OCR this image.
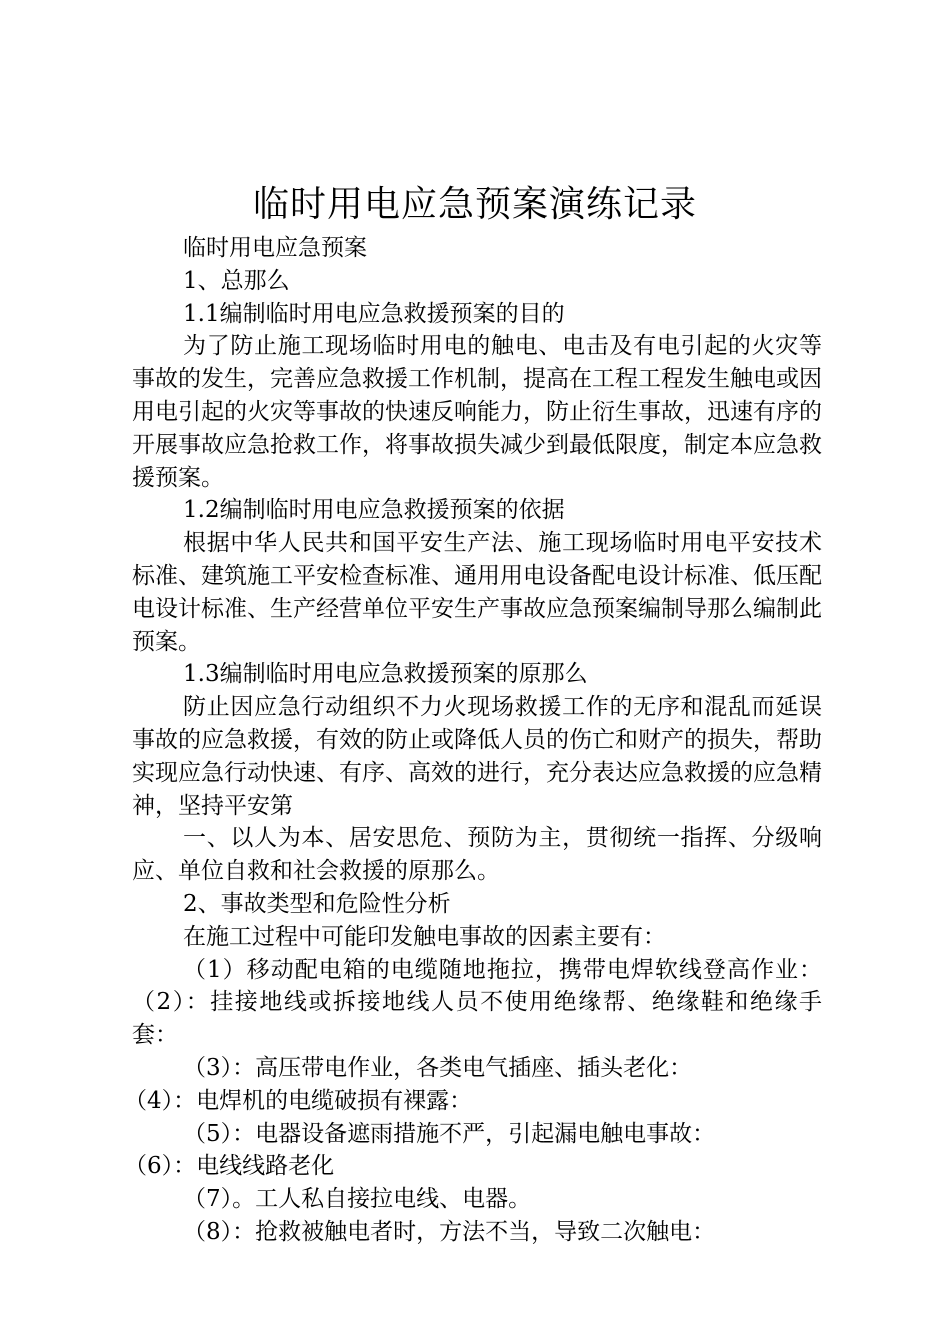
临时用电应急预案演练记录

临时用电应急预案

1、总那么

1.1编制临时用电应急救援预案的目的

为了防止施工现场临时用电的触电、电击及有电引起的火灾等事故的发生，完善应急救援工作机制，提高在工程工程发生触电或因用电引起的火灾等事故的快速反响能力，防止衍生事故，迅速有序的开展事故应急抢救工作，将事故损失减少到最低限度，制定本应急救援预案。

1.2编制临时用电应急救援预案的依据

根据中华人民共和国平安生产法、施工现场临时用电平安技术标准、建筑施工平安检查标准、通用用电设备配电设计标准、低压配电设计标准、生产经营单位平安生产事故应急预案编制导那么编制此预案。

1.3编制临时用电应急救援预案的原那么

防止因应急行动组织不力火现场救援工作的无序和混乱而延误事故的应急救援，有效的防止或降低人员的伤亡和财产的损失，帮助实现应急行动快速、有序、高效的进行，充分表达应急救援的应急精神，坚持平安第

一、以人为本、居安思危、预防为主，贯彻统一指挥、分级响应、单位自救和社会救援的原那么。

2、事故类型和危险性分析

在施工过程中可能印发触电事故的因素主要有：

（1）移动配电箱的电缆随地拖拉，携带电焊软线登高作业：（2）：挂接地线或拆接地线人员不使用绝缘帮、绝缘鞋和绝缘手套：

（3）：高压带电作业，各类电气插座、插头老化：

（4）：电焊机的电缆破损有裸露：

（5）：电器设备遮雨措施不严，引起漏电触电事故：

（6）：电线线路老化

（7）。工人私自接拉电线、电器。

（8）：抢救被触电者时，方法不当，导致二次触电：
